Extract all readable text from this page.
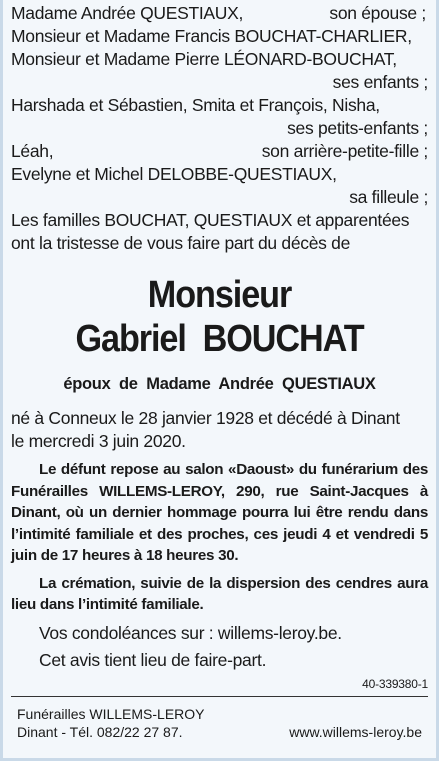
Madame Andrée QUESTIAUX,	son épouse ;
Monsieur et Madame Francis BOUCHAT-CHARLIER,
Monsieur et Madame Pierre LÉONARD-BOUCHAT,
ses enfants ;
Harshada et Sébastien, Smita et François, Nisha,
ses petits-enfants ;
Léah,	son arrière-petite-fille ;
Evelyne et Michel DELOBBE-QUESTIAUX,
sa filleule ;
Les familles BOUCHAT, QUESTIAUX et apparentées
ont la tristesse de vous faire part du décès de
Monsieur
Gabriel  BOUCHAT
époux  de  Madame  Andrée  QUESTIAUX
né à Conneux le 28 janvier 1928 et décédé à Dinant
le mercredi 3 juin 2020.
Le défunt repose au salon «Daoust» du funérarium des Funérailles WILLEMS-LEROY, 290, rue Saint-Jacques à Dinant, où un dernier hommage pourra lui être rendu dans l’intimité familiale et des proches, ces jeudi 4 et vendredi 5 juin de 17 heures à 18 heures 30.
La crémation, suivie de la dispersion des cendres aura lieu dans l’intimité familiale.
Vos condoléances sur : willems-leroy.be.
Cet avis tient lieu de faire-part.
40-339380-1
Funérailles WILLEMS-LEROY
Dinant - Tél. 082/22 27 87.	www.willems-leroy.be
